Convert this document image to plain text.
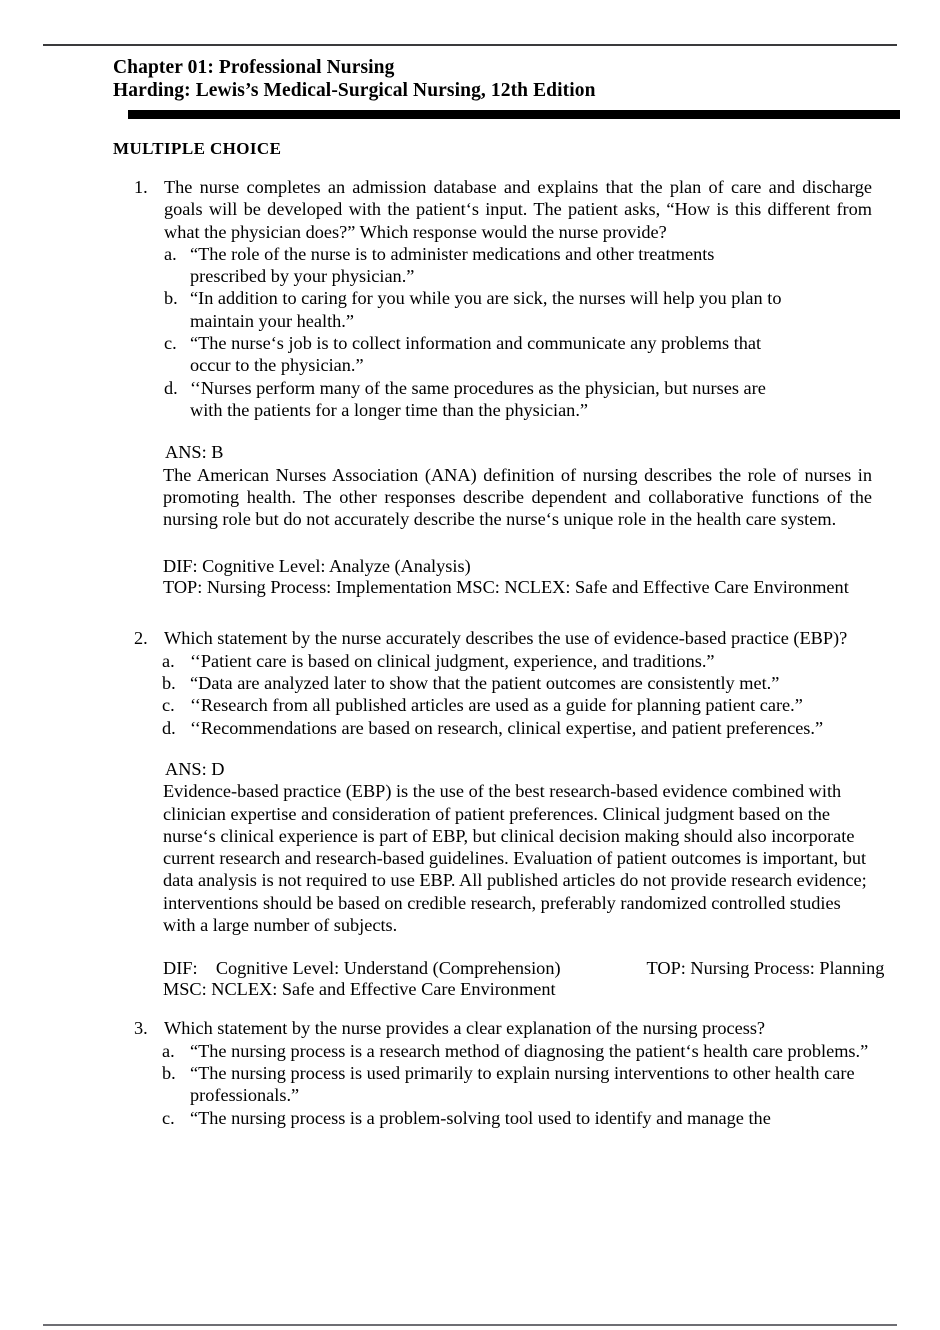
Chapter 01: Professional Nursing
Harding: Lewis’s Medical-Surgical Nursing, 12th Edition
MULTIPLE CHOICE
1. The nurse completes an admission database and explains that the plan of care and discharge goals will be developed with the patient‘s input. The patient asks, “How is this different from what the physician does?” Which response would the nurse provide?
a. “The role of the nurse is to administer medications and other treatments prescribed by your physician.”
b. “In addition to caring for you while you are sick, the nurses will help you plan to maintain your health.”
c. “The nurse‘s job is to collect information and communicate any problems that occur to the physician.”
d. ‘‘Nurses perform many of the same procedures as the physician, but nurses are with the patients for a longer time than the physician.”
ANS: B
The American Nurses Association (ANA) definition of nursing describes the role of nurses in promoting health. The other responses describe dependent and collaborative functions of the nursing role but do not accurately describe the nurse‘s unique role in the health care system.
DIF: Cognitive Level: Analyze (Analysis)
TOP: Nursing Process: Implementation MSC: NCLEX: Safe and Effective Care Environment
2. Which statement by the nurse accurately describes the use of evidence-based practice (EBP)?
a. ‘‘Patient care is based on clinical judgment, experience, and traditions.”
b. “Data are analyzed later to show that the patient outcomes are consistently met.”
c. ‘‘Research from all published articles are used as a guide for planning patient care.”
d. ‘‘Recommendations are based on research, clinical expertise, and patient preferences.”
ANS: D
Evidence-based practice (EBP) is the use of the best research-based evidence combined with clinician expertise and consideration of patient preferences. Clinical judgment based on the nurse‘s clinical experience is part of EBP, but clinical decision making should also incorporate current research and research-based guidelines. Evaluation of patient outcomes is important, but data analysis is not required to use EBP. All published articles do not provide research evidence; interventions should be based on credible research, preferably randomized controlled studies with a large number of subjects.
DIF:    Cognitive Level: Understand (Comprehension)	TOP: Nursing Process: Planning
MSC: NCLEX: Safe and Effective Care Environment
3. Which statement by the nurse provides a clear explanation of the nursing process?
a. “The nursing process is a research method of diagnosing the patient‘s health care problems.”
b. “The nursing process is used primarily to explain nursing interventions to other health care professionals.”
c. “The nursing process is a problem-solving tool used to identify and manage the
